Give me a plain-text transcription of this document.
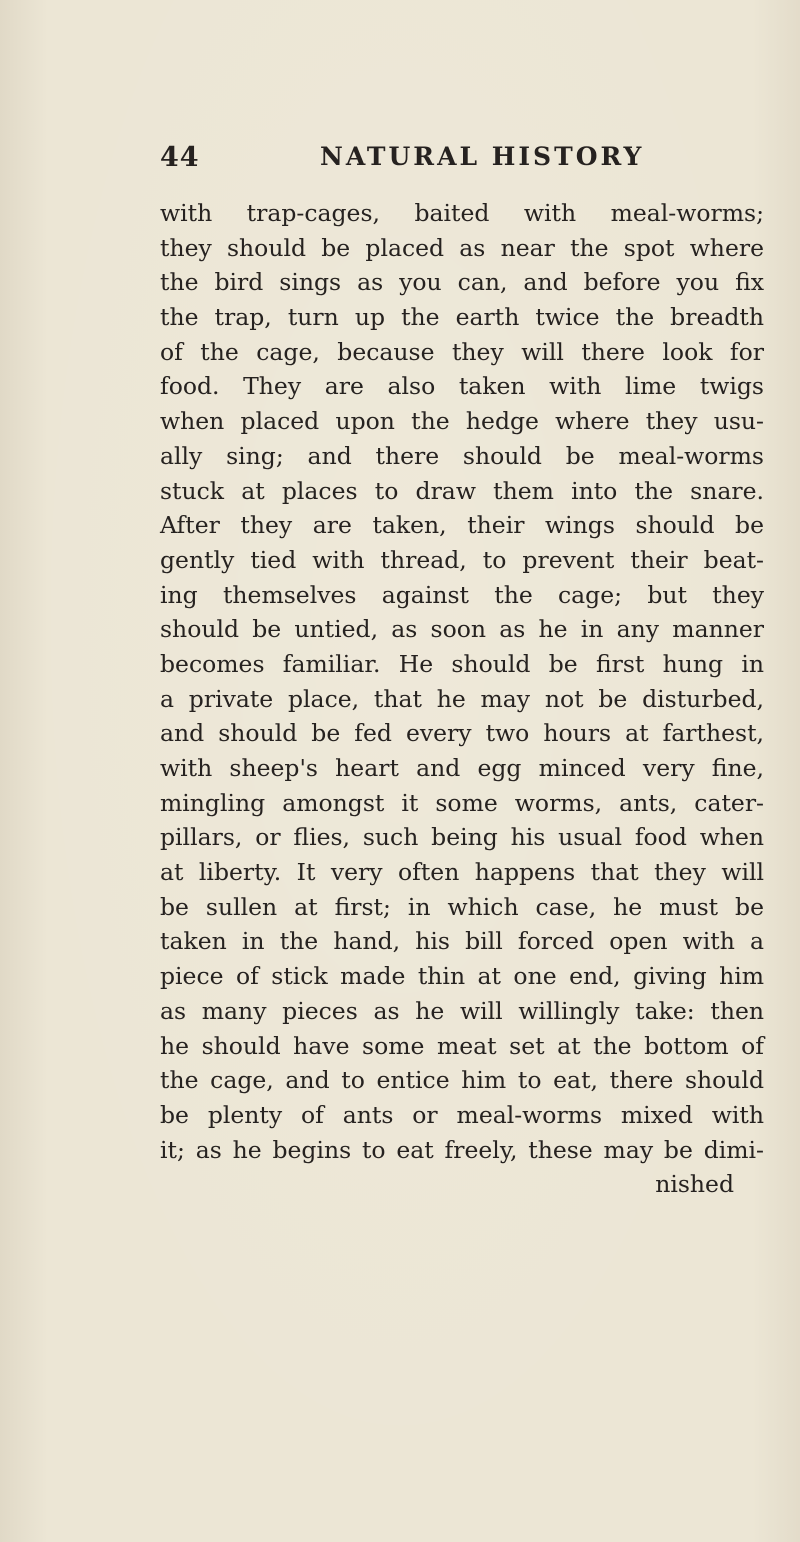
44	NATURAL HISTORY
with trap-cages, baited with meal-worms;
they should be placed as near the spot where
the bird sings as you can, and before you fix
the trap, turn up the earth twice the breadth
of the cage, because they will there look for
food. They are also taken with lime twigs
when placed upon the hedge where they usu-
ally sing; and there should be meal-worms
stuck at places to draw them into the snare.
After they are taken, their wings should be
gently tied with thread, to prevent their beat-
ing themselves against the cage; but they
should be untied, as soon as he in any manner
becomes familiar. He should be first hung in
a private place, that he may not be disturbed,
and should be fed every two hours at farthest,
with sheep's heart and egg minced very fine,
mingling amongst it some worms, ants, cater-
pillars, or flies, such being his usual food when
at liberty. It very often happens that they will
be sullen at first; in which case, he must be
taken in the hand, his bill forced open with a
piece of stick made thin at one end, giving him
as many pieces as he will willingly take: then
he should have some meat set at the bottom of
the cage, and to entice him to eat, there should
be plenty of ants or meal-worms mixed with
it; as he begins to eat freely, these may be dimi-
nished
